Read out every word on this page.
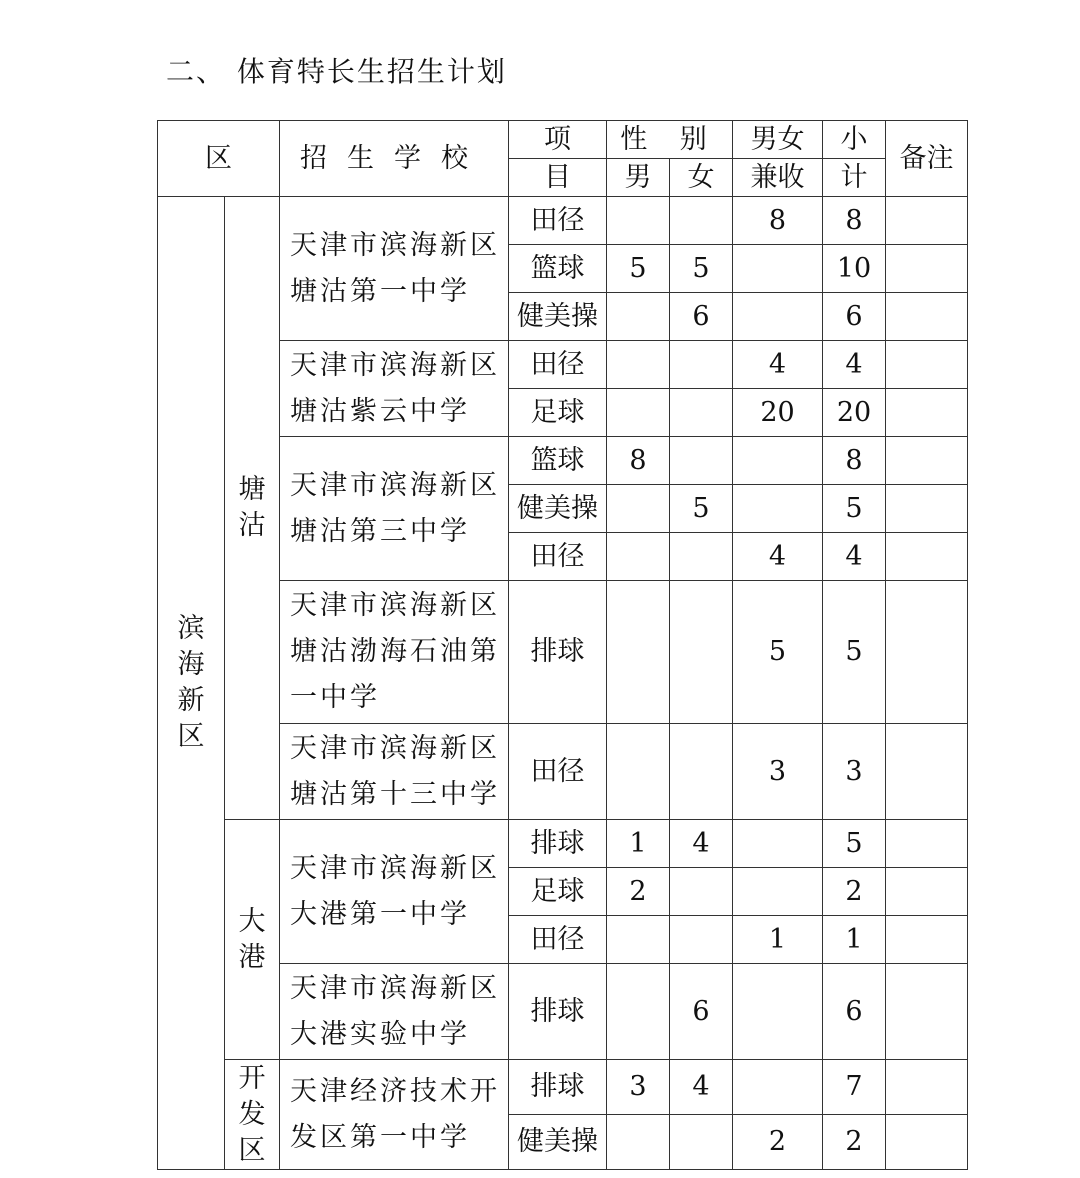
二、 体育特长生招生计划
区		招生学校	项	性 别		男女	小	备注
			目	男	女	兼收	计	
滨海新区	塘沽	天津市滨海新区塘沽第一中学	田径			8	8	
			篮球	5	5		10	
			健美操		6		6	
		天津市滨海新区塘沽紫云中学	田径			4	4	
			足球			20	20	
		天津市滨海新区塘沽第三中学	篮球	8			8	
			健美操		5		5	
			田径			4	4	
		天津市滨海新区塘沽渤海石油第一中学	排球			5	5	
		天津市滨海新区塘沽第十三中学	田径			3	3	
	大港	天津市滨海新区大港第一中学	排球	1	4		5	
			足球	2			2	
			田径			1	1	
		天津市滨海新区大港实验中学	排球		6		6	
	开发区	天津经济技术开发区第一中学	排球	3	4		7	
			健美操			2	2	
